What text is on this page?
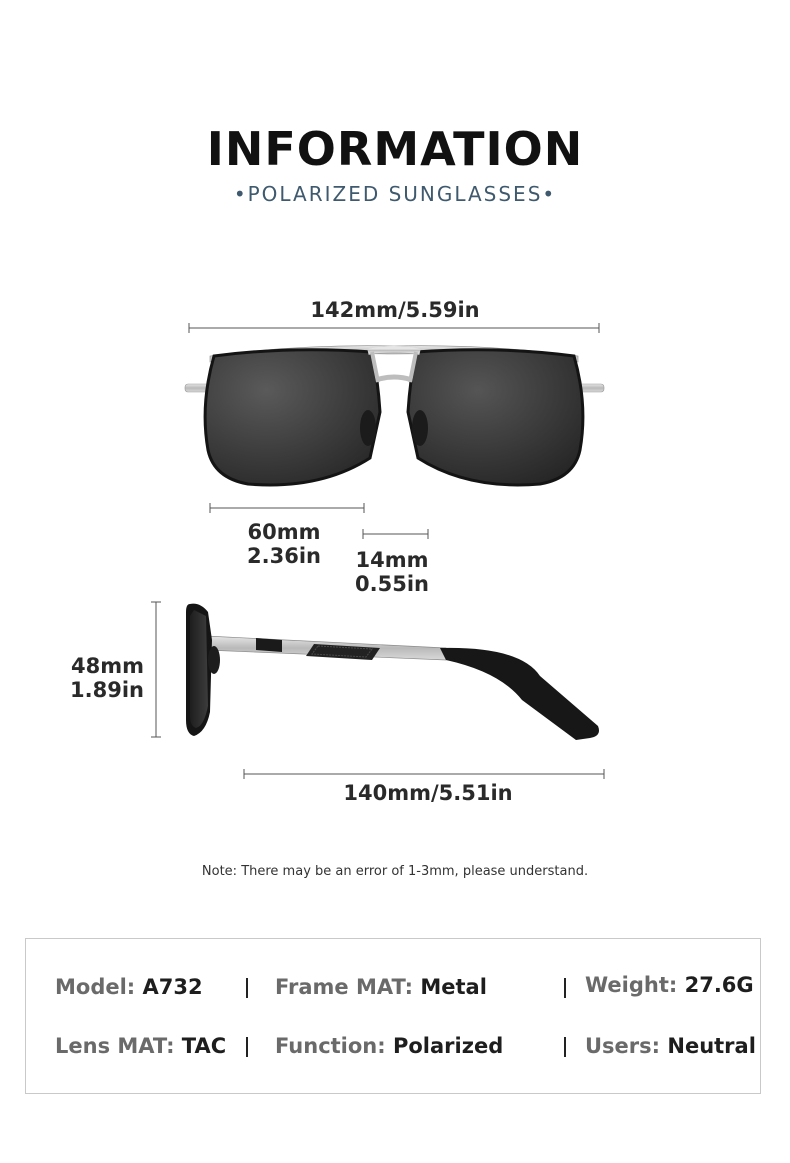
INFORMATION
•POLARIZED SUNGLASSES•
142mm/5.59in
60mm
2.36in	14mm
0.55in
48mm
1.89in
140mm/5.51in
Note: There may be an error of 1-3mm, please understand.
Model: A732	Frame MAT: Metal	Weight: 27.6G
Lens MAT: TAC Function: Polarized	Users: Neutral
